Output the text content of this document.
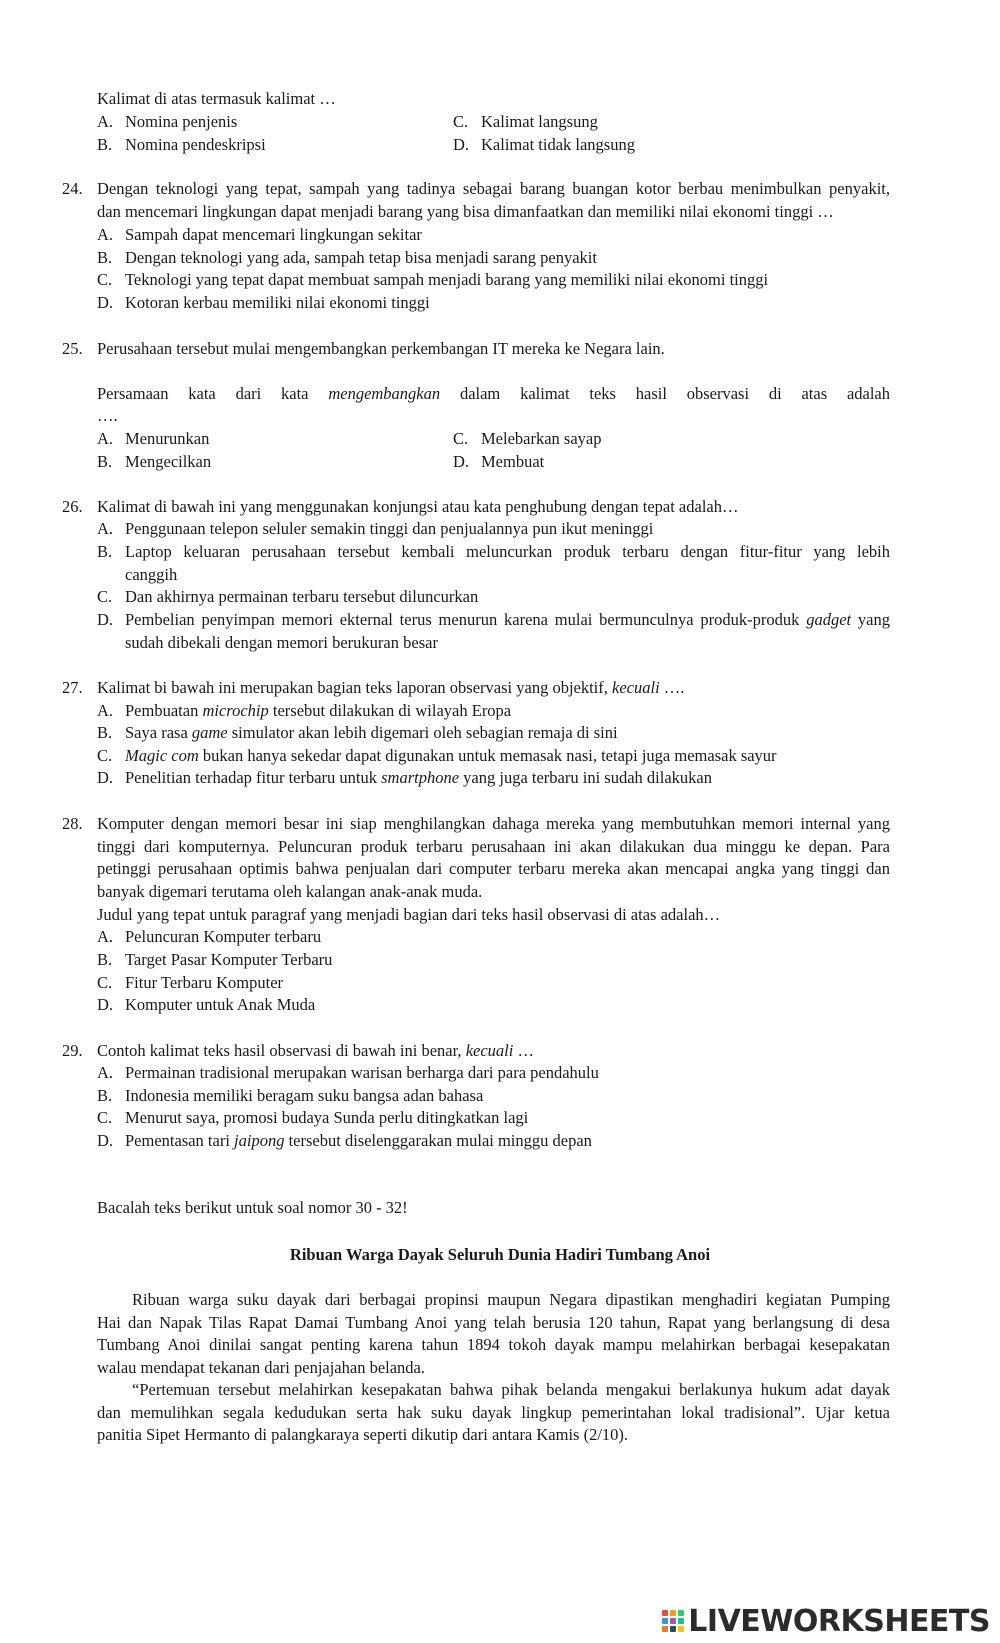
Kalimat di atas termasuk kalimat …
A. Nomina penjenis
B. Nomina pendeskripsi
C. Kalimat langsung
D. Kalimat tidak langsung
24. Dengan teknologi yang tepat, sampah yang tadinya sebagai barang buangan kotor berbau menimbulkan penyakit,
dan mencemari lingkungan dapat menjadi barang yang bisa dimanfaatkan dan memiliki nilai ekonomi tinggi …
A. Sampah dapat mencemari lingkungan sekitar
B. Dengan teknologi yang ada, sampah tetap bisa menjadi sarang penyakit
C. Teknologi yang tepat dapat membuat sampah menjadi barang yang memiliki nilai ekonomi tinggi
D. Kotoran kerbau memiliki nilai ekonomi tinggi
25. Perusahaan tersebut mulai mengembangkan perkembangan IT mereka ke Negara lain.
Persamaan kata dari kata mengembangkan dalam kalimat teks hasil observasi di atas adalah
….
A. Menurunkan
B. Mengecilkan
C. Melebarkan sayap
D. Membuat
26. Kalimat di bawah ini yang menggunakan konjungsi atau kata penghubung dengan tepat adalah…
A. Penggunaan telepon seluler semakin tinggi dan penjualannya pun ikut meninggi
B. Laptop keluaran perusahaan tersebut kembali meluncurkan produk terbaru dengan fitur-fitur yang lebih
canggih
C. Dan akhirnya permainan terbaru tersebut diluncurkan
D. Pembelian penyimpan memori ekternal terus menurun karena mulai bermunculnya produk-produk gadget yang
sudah dibekali dengan memori berukuran besar
27. Kalimat bi bawah ini merupakan bagian teks laporan observasi yang objektif, kecuali ….
A. Pembuatan microchip tersebut dilakukan di wilayah Eropa
B. Saya rasa game simulator akan lebih digemari oleh sebagian remaja di sini
C. Magic com bukan hanya sekedar dapat digunakan untuk memasak nasi, tetapi juga memasak sayur
D. Penelitian terhadap fitur terbaru untuk smartphone yang juga terbaru ini sudah dilakukan
28. Komputer dengan memori besar ini siap menghilangkan dahaga mereka yang membutuhkan memori internal yang
tinggi dari komputernya. Peluncuran produk terbaru perusahaan ini akan dilakukan dua minggu ke depan. Para
petinggi perusahaan optimis bahwa penjualan dari computer terbaru mereka akan mencapai angka yang tinggi dan
banyak digemari terutama oleh kalangan anak-anak muda.
Judul yang tepat untuk paragraf yang menjadi bagian dari teks hasil observasi di atas adalah…
A. Peluncuran Komputer terbaru
B. Target Pasar Komputer Terbaru
C. Fitur Terbaru Komputer
D. Komputer untuk Anak Muda
29. Contoh kalimat teks hasil observasi di bawah ini benar, kecuali …
A. Permainan tradisional merupakan warisan berharga dari para pendahulu
B. Indonesia memiliki beragam suku bangsa adan bahasa
C. Menurut saya, promosi budaya Sunda perlu ditingkatkan lagi
D. Pementasan tari jaipong tersebut diselenggarakan mulai minggu depan
Bacalah teks berikut untuk soal nomor 30 - 32!
Ribuan Warga Dayak Seluruh Dunia Hadiri Tumbang Anoi
Ribuan warga suku dayak dari berbagai propinsi maupun Negara dipastikan menghadiri kegiatan Pumping
Hai dan Napak Tilas Rapat Damai Tumbang Anoi yang telah berusia 120 tahun, Rapat yang berlangsung di desa
Tumbang Anoi dinilai sangat penting karena tahun 1894 tokoh dayak mampu melahirkan berbagai kesepakatan
walau mendapat tekanan dari penjajahan belanda.
“Pertemuan tersebut melahirkan kesepakatan bahwa pihak belanda mengakui berlakunya hukum adat dayak
dan memulihkan segala kedudukan serta hak suku dayak lingkup pemerintahan lokal tradisional”. Ujar ketua
panitia Sipet Hermanto di palangkaraya seperti dikutip dari antara Kamis (2/10).
LIVEWORKSHEETS
